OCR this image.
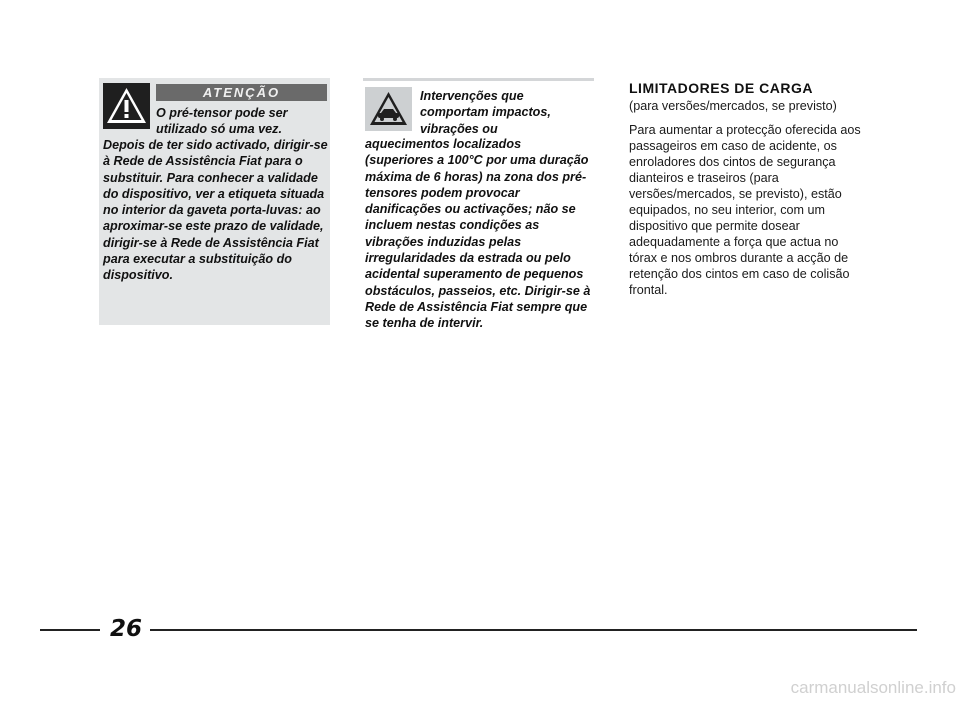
ATENÇÃO

O pré-tensor pode ser utilizado só uma vez.

Depois de ter sido activado, dirigir-se à Rede de Assistência Fiat para o substituir. Para conhecer a validade do dispositivo, ver a etiqueta situada no interior da gaveta porta-luvas: ao aproximar-se este prazo de validade, dirigir-se à Rede de Assistência Fiat para executar a substituição do dispositivo.

Intervenções que comportam impactos, vibrações ou

aquecimentos localizados (superiores a 100°C por uma duração máxima de 6 horas) na zona dos pré-tensores podem provocar danificações ou activações; não se incluem nestas condições as vibrações induzidas pelas irregularidades da estrada ou pelo acidental superamento de pequenos obstáculos, passeios, etc. Dirigir-se à Rede de Assistência Fiat sempre que se tenha de intervir.

LIMITADORES DE CARGA

(para versões/mercados, se previsto)

Para aumentar a protecção oferecida aos passageiros em caso de acidente, os enroladores dos cintos de segurança dianteiros e traseiros (para versões/mercados, se previsto), estão equipados, no seu interior, com um dispositivo que permite dosear adequadamente a força que actua no tórax e nos ombros durante a acção de retenção dos cintos em caso de colisão frontal.

26
carmanualsonline.info
